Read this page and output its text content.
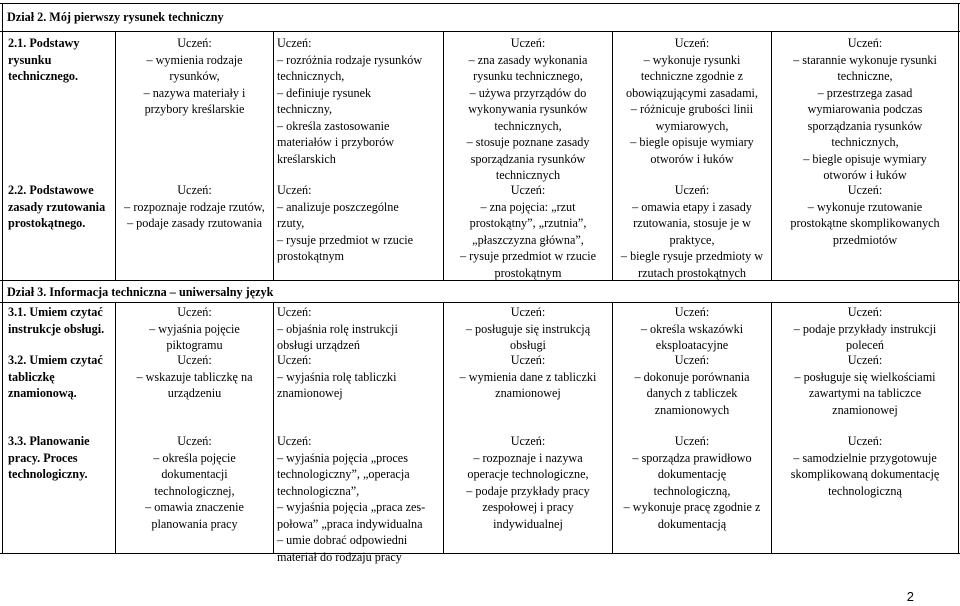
Dział 2. Mój pierwszy rysunek techniczny
Dział 3. Informacja techniczna – uniwersalny język
2.1. Podstawy
rysunku
technicznego.
Uczeń:
– wymienia rodzaje
rysunków,
– nazywa materiały i
przybory kreślarskie
Uczeń:
– rozróżnia rodzaje rysunków
technicznych,
– definiuje rysunek
techniczny,
– określa zastosowanie
materiałów i przyborów
kreślarskich
Uczeń:
– zna zasady wykonania
rysunku technicznego,
– używa przyrządów do
wykonywania rysunków
technicznych,
– stosuje poznane zasady
sporządzania rysunków
technicznych
Uczeń:
– wykonuje rysunki
techniczne zgodnie z
obowiązującymi zasadami,
– różnicuje grubości linii
wymiarowych,
– biegle opisuje wymiary
otworów i łuków
Uczeń:
– starannie wykonuje rysunki
techniczne,
– przestrzega zasad
wymiarowania podczas
sporządzania rysunków
technicznych,
– biegle opisuje wymiary
otworów i łuków
2.2. Podstawowe
zasady rzutowania
prostokątnego.
Uczeń:
– rozpoznaje rodzaje rzutów,
– podaje zasady rzutowania
Uczeń:
– analizuje poszczególne
rzuty,
– rysuje przedmiot w rzucie
prostokątnym
Uczeń:
– zna pojęcia: „rzut
prostokątny”, „rzutnia”,
„płaszczyzna główna”,
– rysuje przedmiot w rzucie
prostokątnym
Uczeń:
– omawia etapy i zasady
rzutowania, stosuje je w
praktyce,
– biegle rysuje przedmioty w
rzutach prostokątnych
Uczeń:
– wykonuje rzutowanie
prostokątne skomplikowanych
przedmiotów
3.1. Umiem czytać
instrukcje obsługi.
Uczeń:
– wyjaśnia pojęcie
piktogramu
Uczeń:
– objaśnia rolę instrukcji
obsługi urządzeń
Uczeń:
– posługuje się instrukcją
obsługi
Uczeń:
– określa wskazówki
eksploatacyjne
Uczeń:
– podaje przykłady instrukcji
poleceń
3.2. Umiem czytać
tabliczkę
znamionową.
Uczeń:
– wskazuje tabliczkę na
urządzeniu
Uczeń:
– wyjaśnia rolę tabliczki
znamionowej
Uczeń:
– wymienia dane z tabliczki
znamionowej
Uczeń:
– dokonuje porównania
danych z tabliczek
znamionowych
Uczeń:
– posługuje się wielkościami
zawartymi na tabliczce
znamionowej
3.3. Planowanie
pracy. Proces
technologiczny.
Uczeń:
– określa pojęcie
dokumentacji
technologicznej,
– omawia znaczenie
planowania pracy
Uczeń:
– wyjaśnia pojęcia „proces
technologiczny”, „operacja
technologiczna”,
– wyjaśnia pojęcia „praca zes-
połowa” „praca indywidualna
– umie dobrać odpowiedni
materiał do rodzaju pracy
Uczeń:
– rozpoznaje i nazywa
operacje technologiczne,
– podaje przykłady pracy
zespołowej i pracy
indywidualnej
Uczeń:
– sporządza prawidłowo
dokumentację
technologiczną,
– wykonuje pracę zgodnie z
dokumentacją
Uczeń:
– samodzielnie przygotowuje
skomplikowaną dokumentację
technologiczną
2
